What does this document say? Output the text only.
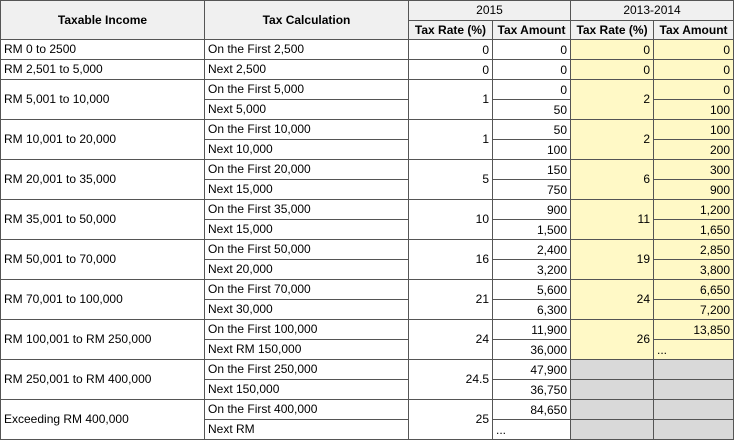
Taxable Income	Tax Calculation	2015		2013-2014	
		Tax Rate (%)	Tax Amount	Tax Rate (%)	Tax Amount
RM 0 to 2500	On the First 2,500	0	0	0	0
RM 2,501 to 5,000	Next 2,500	0	0	0	0
RM 5,001 to 10,000	On the First 5,000	1	0	2	0
	Next 5,000		50		100
RM 10,001 to 20,000	On the First 10,000	1	50	2	100
	Next 10,000		100		200
RM 20,001 to 35,000	On the First 20,000	5	150	6	300
	Next 15,000		750		900
RM 35,001 to 50,000	On the First 35,000	10	900	11	1,200
	Next 15,000		1,500		1,650
RM 50,001 to 70,000	On the First 50,000	16	2,400	19	2,850
	Next 20,000		3,200		3,800
RM 70,001 to 100,000	On the First 70,000	21	5,600	24	6,650
	Next 30,000		6,300		7,200
RM 100,001 to RM 250,000	On the First 100,000	24	11,900	26	13,850
	Next RM 150,000		36,000		...
RM 250,001 to RM 400,000	On the First 250,000	24.5	47,900		
	Next 150,000		36,750		
Exceeding RM 400,000	On the First 400,000	25	84,650		
	Next RM		...		
